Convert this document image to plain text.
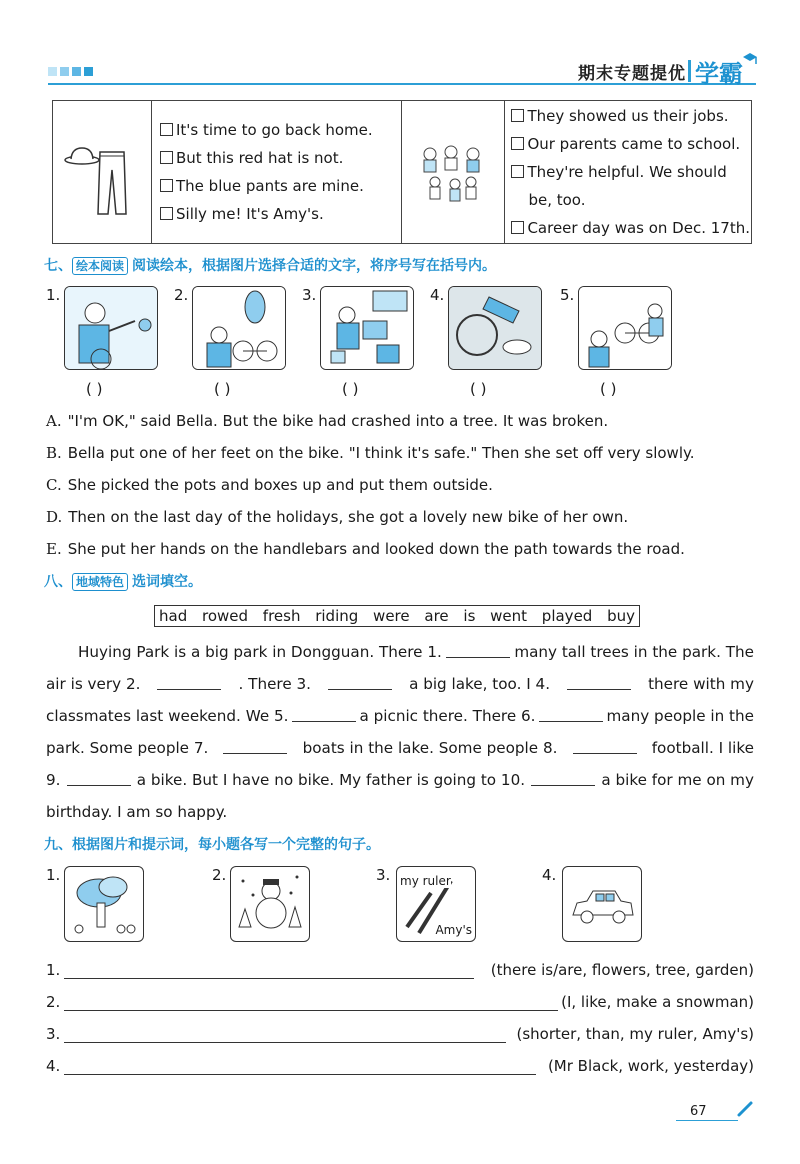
期末专题提优 学霸

It's time to go back home.
But this red hat is not.
The blue pants are mine.
Silly me! It's Amy's.

They showed us their jobs.
Our parents came to school.
They're helpful. We should
be, too.
Career day was on Dec. 17th.
七、 绘本阅读 阅读绘本，根据图片选择合适的文字，将序号写在括号内。
1.	2.	3.	4.	5.
( )	( )	( )	( )	( )
A. "I'm OK," said Bella. But the bike had crashed into a tree. It was broken.
B. Bella put one of her feet on the bike. "I think it's safe." Then she set off very slowly.
C. She picked the pots and boxes up and put them outside.
D. Then on the last day of the holidays, she got a lovely new bike of her own.
E. She put her hands on the handlebars and looked down the path towards the road.
八、 地域特色 选词填空。
had rowed fresh riding were are is went played buy
Huying Park is a big park in Dongguan. There 1.	many tall trees in the park. The
air is very 2.	. There 3.	a big lake, too. I 4.	there with my
classmates last weekend. We 5.	a picnic there. There 6.	many people in the
park. Some people 7.	boats in the lake. Some people 8.	football. I like
9.	a bike. But I have no bike. My father is going to 10.	a bike for me on my
birthday. I am so happy.
九、根据图片和提示词，每小题各写一个完整的句子。
1.	2.	3. my ruler
Amy's
4.
1.	(there is/are, flowers, tree, garden)
2.	(I, like, make a snowman)
3.	(shorter, than, my ruler, Amy's)
4.	(Mr Black, work, yesterday)
67
